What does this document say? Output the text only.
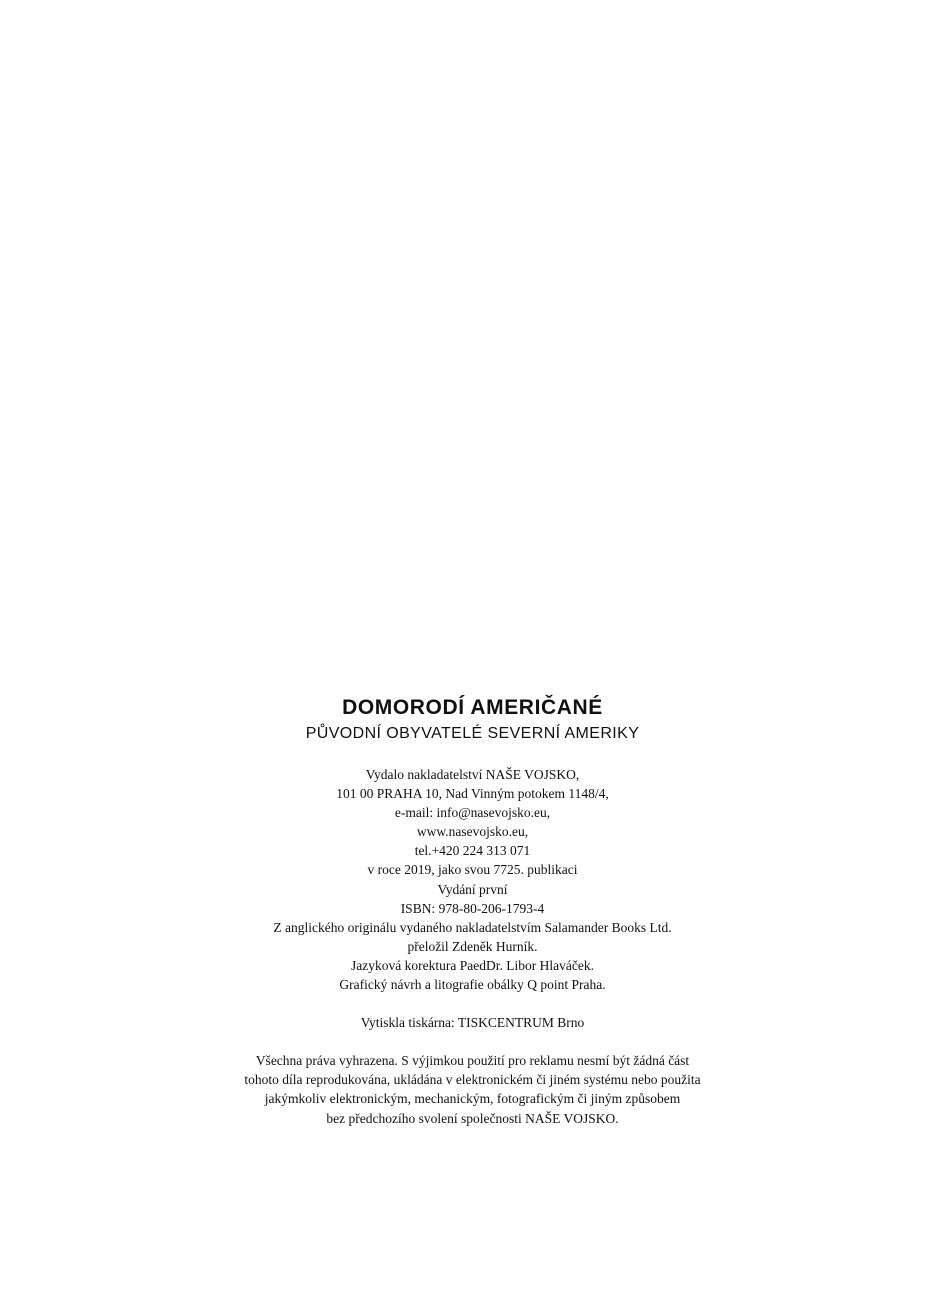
DOMORODÍ AMERIČANÉ
PŮVODNÍ OBYVATELÉ SEVERNÍ AMERIKY
Vydalo nakladatelství NAŠE VOJSKO,
101 00 PRAHA 10, Nad Vinným potokem 1148/4,
e-mail: info@nasevojsko.eu,
www.nasevojsko.eu,
tel.+420 224 313 071
v roce 2019, jako svou 7725. publikaci
Vydání první
ISBN: 978-80-206-1793-4
Z anglického originálu vydaného nakladatelstvím Salamander Books Ltd.
přeložil Zdeněk Hurník.
Jazyková korektura PaedDr. Libor Hlaváček.
Grafický návrh a litografie obálky Q point Praha.
Vytiskla tiskárna: TISKCENTRUM Brno
Všechna práva vyhrazena. S výjimkou použití pro reklamu nesmí být žádná část
tohoto díla reprodukována, ukládána v elektronickém či jiném systému nebo použita
jakýmkoliv elektronickým, mechanickým, fotografickým či jiným způsobem
bez předchozího svolení společnosti NAŠE VOJSKO.
